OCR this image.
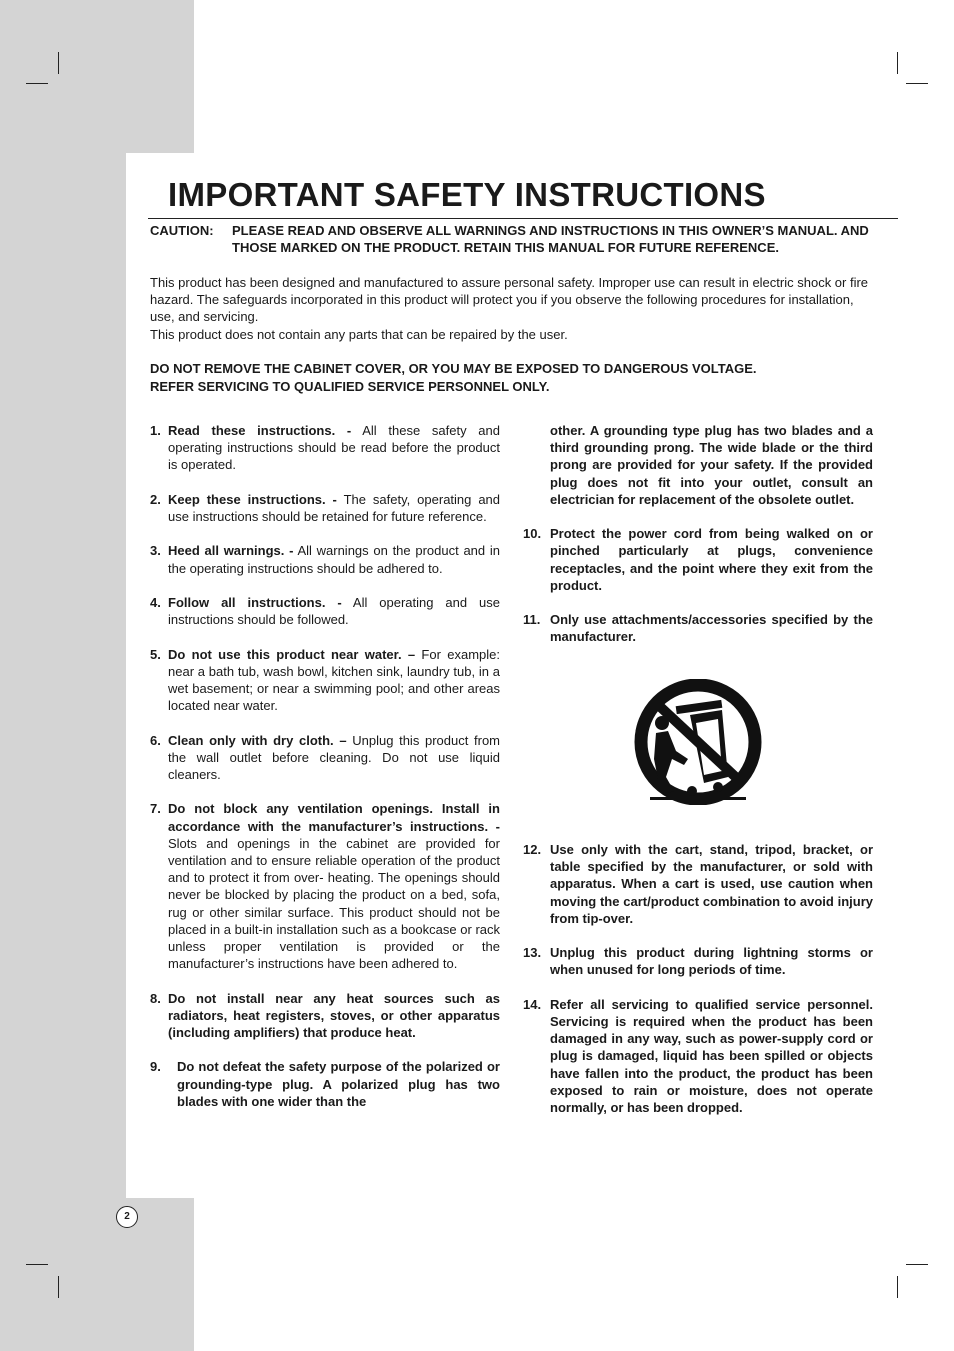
IMPORTANT SAFETY INSTRUCTIONS
CAUTION: PLEASE READ AND OBSERVE ALL WARNINGS AND INSTRUCTIONS IN THIS OWNER’S MANUAL. AND THOSE MARKED ON THE PRODUCT. RETAIN THIS MANUAL FOR FUTURE REFERENCE.

This product has been designed and manufactured to assure personal safety. Improper use can result in electric shock or fire hazard. The safeguards incorporated in this product will protect you if you observe the following procedures for installation, use, and servicing.

This product does not contain any parts that can be repaired by the user.

DO NOT REMOVE THE CABINET COVER, OR YOU MAY BE EXPOSED TO DANGEROUS VOLTAGE.
REFER SERVICING TO QUALIFIED SERVICE PERSONNEL ONLY.
1. Read these instructions. - All these safety and operating instructions should be read before the product is operated.
2. Keep these instructions. - The safety, operating and use instructions should be retained for future reference.
3. Heed all warnings. - All warnings on the product and in the operating instructions should be adhered to.
4. Follow all instructions. - All operating and use instructions should be followed.
5. Do not use this product near water. – For example: near a bath tub, wash bowl, kitchen sink, laundry tub, in a wet basement; or near a swimming pool; and other areas located near water.
6. Clean only with dry cloth. – Unplug this product from the wall outlet before cleaning. Do not use liquid cleaners.
7. Do not block any ventilation openings. Install in accordance with the manufacturer’s instructions. - Slots and openings in the cabinet are provided for ventilation and to ensure reliable operation of the product and to protect it from over- heating. The openings should never be blocked by placing the product on a bed, sofa, rug or other similar surface. This product should not be placed in a built-in installation such as a bookcase or rack unless proper ventilation is provided or the manufacturer’s instructions have been adhered to.
8. Do not install near any heat sources such as radiators, heat registers, stoves, or other apparatus (including amplifiers) that produce heat.
9. Do not defeat the safety purpose of the polarized or grounding-type plug. A polarized plug has two blades with one wider than the
other. A grounding type plug has two blades and a third grounding prong. The wide blade or the third prong are provided for your safety. If the provided plug does not fit into your outlet, consult an electrician for replacement of the obsolete outlet.
10. Protect the power cord from being walked on or pinched particularly at plugs, convenience receptacles, and the point where they exit from the product.
11. Only use attachments/accessories specified by the manufacturer.
12. Use only with the cart, stand, tripod, bracket, or table specified by the manufacturer, or sold with apparatus. When a cart is used, use caution when moving the cart/product combination to avoid injury from tip-over.
13. Unplug this product during lightning storms or when unused for long periods of time.
14. Refer all servicing to qualified service personnel. Servicing is required when the product has been damaged in any way, such as power-supply cord or plug is damaged, liquid has been spilled or objects have fallen into the product, the product has been exposed to rain or moisture, does not operate normally, or has been dropped.
2
